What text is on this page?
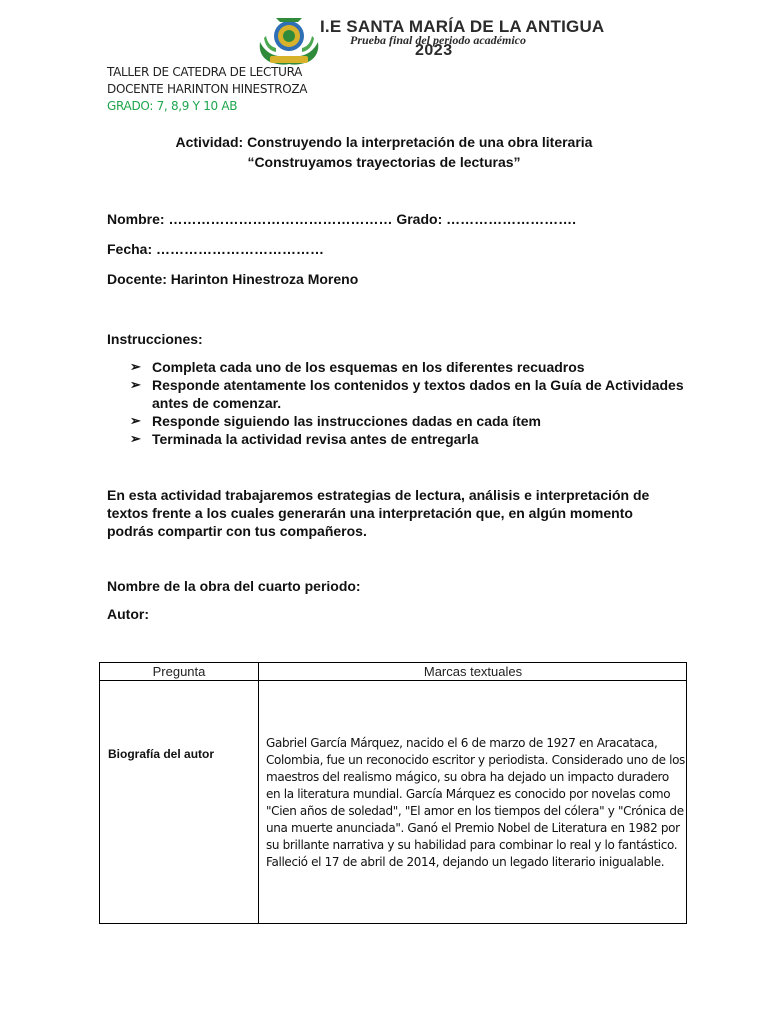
I.E SANTA MARÍA DE LA ANTIGUA
Prueba final del periodo académico
2023
TALLER DE CATEDRA DE LECTURA
DOCENTE HARINTON HINESTROZA
GRADO: 7, 8,9 Y 10 AB
Actividad: Construyendo la interpretación de una obra literaria
“Construyamos trayectorias de lecturas”
Nombre: ………………………………………… Grado: ……………………….
Fecha: ………………………………
Docente: Harinton Hinestroza Moreno
Instrucciones:
➢ Completa cada uno de los esquemas en los diferentes recuadros
➢ Responde atentamente los contenidos y textos dados en la Guía de Actividades antes de comenzar.
➢ Responde siguiendo las instrucciones dadas en cada ítem
➢ Terminada la actividad revisa antes de entregarla
En esta actividad trabajaremos estrategias de lectura, análisis e interpretación de textos frente a los cuales generarán una interpretación que, en algún momento podrás compartir con tus compañeros.
Nombre de la obra del cuarto periodo:
Autor:
Pregunta	Marcas textuales
Biografía del autor
Gabriel García Márquez, nacido el 6 de marzo de 1927 en Aracataca, Colombia, fue un reconocido escritor y periodista. Considerado uno de los maestros del realismo mágico, su obra ha dejado un impacto duradero en la literatura mundial. García Márquez es conocido por novelas como "Cien años de soledad", "El amor en los tiempos del cólera" y "Crónica de una muerte anunciada". Ganó el Premio Nobel de Literatura en 1982 por su brillante narrativa y su habilidad para combinar lo real y lo fantástico. Falleció el 17 de abril de 2014, dejando un legado literario inigualable.
